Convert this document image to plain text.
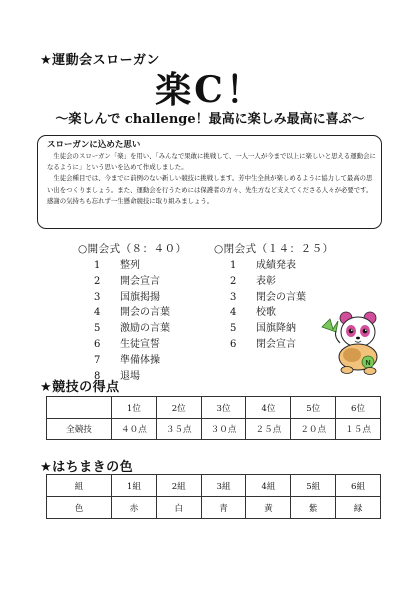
★運動会スローガン
楽C！
～楽しんで challenge！最高に楽しみ最高に喜ぶ～
スローガンに込めた思い

生徒会のスローガン「楽」を用い、「みんなで果敢に挑戦して、一人一人が今まで以上に楽しいと思える運動会になるように」という思いを込めて作成しました。

生徒会種目では、今までに前例のない新しい競技に挑戦します。芳中生全員が楽しめるように協力して最高の思い出をつくりましょう。また、運動会を行うためには保護者の方々、先生方など支えてくださる人々が必要です。感謝の気持ちも忘れず一生懸命競技に取り組みましょう。

○開会式（８：４０）
1 整列
2 開会宣言
3 国旗掲揚
4 開会の言葉
5 激励の言葉
6 生徒宣誓
7 準備体操
8 退場
○閉会式（１４：２５）
1 成績発表
2 表彰
3 閉会の言葉
4 校歌
5 国旗降納
6 閉会宣言
N
★競技の得点
	1位	2位	3位	4位	5位	6位
全競技	４０点	３５点	３０点	２５点	２０点	１５点
★はちまきの色
組	1組	2組	3組	4組	5組	6組
色	赤	白	青	黄	紫	緑
